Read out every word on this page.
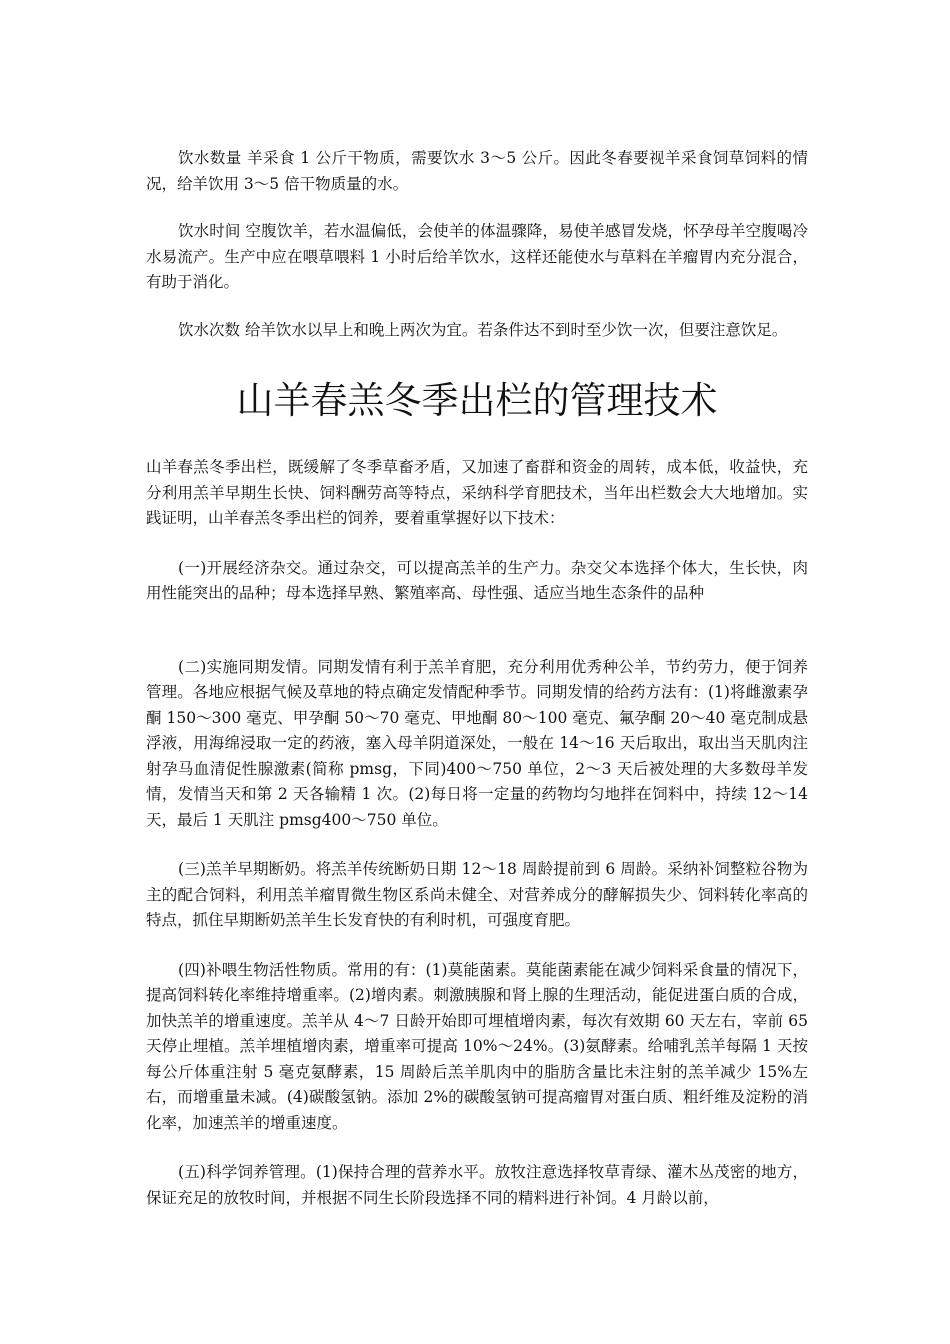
饮水数量 羊采食 1 公斤干物质，需要饮水 3～5 公斤。因此冬春要视羊采食饲草饲料的情况，给羊饮用 3～5 倍干物质量的水。

饮水时间 空腹饮羊，若水温偏低，会使羊的体温骤降，易使羊感冒发烧，怀孕母羊空腹喝冷水易流产。生产中应在喂草喂料 1 小时后给羊饮水，这样还能使水与草料在羊瘤胃内充分混合，有助于消化。

饮水次数 给羊饮水以早上和晚上两次为宜。若条件达不到时至少饮一次，但要注意饮足。

山羊春羔冬季出栏的管理技术

山羊春羔冬季出栏，既缓解了冬季草畜矛盾，又加速了畜群和资金的周转，成本低，收益快，充分利用羔羊早期生长快、饲料酬劳高等特点，采纳科学育肥技术，当年出栏数会大大地增加。实践证明，山羊春羔冬季出栏的饲养，要着重掌握好以下技术：

(一)开展经济杂交。通过杂交，可以提高羔羊的生产力。杂交父本选择个体大，生长快，肉用性能突出的品种；母本选择早熟、繁殖率高、母性强、适应当地生态条件的品种

(二)实施同期发情。同期发情有利于羔羊育肥，充分利用优秀种公羊，节约劳力，便于饲养管理。各地应根据气候及草地的特点确定发情配种季节。同期发情的给药方法有：(1)将雌激素孕酮 150～300 毫克、甲孕酮 50～70 毫克、甲地酮 80～100 毫克、氟孕酮 20～40 毫克制成悬浮液，用海绵浸取一定的药液，塞入母羊阴道深处，一般在 14～16 天后取出，取出当天肌肉注射孕马血清促性腺激素(简称 pmsg，下同)400～750 单位，2～3 天后被处理的大多数母羊发情，发情当天和第 2 天各输精 1 次。(2)每日将一定量的药物均匀地拌在饲料中，持续 12～14 天，最后 1 天肌注 pmsg400～750 单位。

(三)羔羊早期断奶。将羔羊传统断奶日期 12～18 周龄提前到 6 周龄。采纳补饲整粒谷物为主的配合饲料，利用羔羊瘤胃微生物区系尚未健全、对营养成分的酵解损失少、饲料转化率高的特点，抓住早期断奶羔羊生长发育快的有利时机，可强度育肥。

(四)补喂生物活性物质。常用的有：(1)莫能菌素。莫能菌素能在减少饲料采食量的情况下，提高饲料转化率维持增重率。(2)增肉素。刺激胰腺和肾上腺的生理活动，能促进蛋白质的合成，加快羔羊的增重速度。羔羊从 4～7 日龄开始即可埋植增肉素，每次有效期 60 天左右，宰前 65 天停止埋植。羔羊埋植增肉素，增重率可提高 10%～24%。(3)氨酵素。给哺乳羔羊每隔 1 天按每公斤体重注射 5 毫克氨酵素，15 周龄后羔羊肌肉中的脂肪含量比未注射的羔羊减少 15%左右，而增重量未减。(4)碳酸氢钠。添加 2%的碳酸氢钠可提高瘤胃对蛋白质、粗纤维及淀粉的消化率，加速羔羊的增重速度。

(五)科学饲养管理。(1)保持合理的营养水平。放牧注意选择牧草青绿、灌木丛茂密的地方，保证充足的放牧时间，并根据不同生长阶段选择不同的精料进行补饲。4 月龄以前，
